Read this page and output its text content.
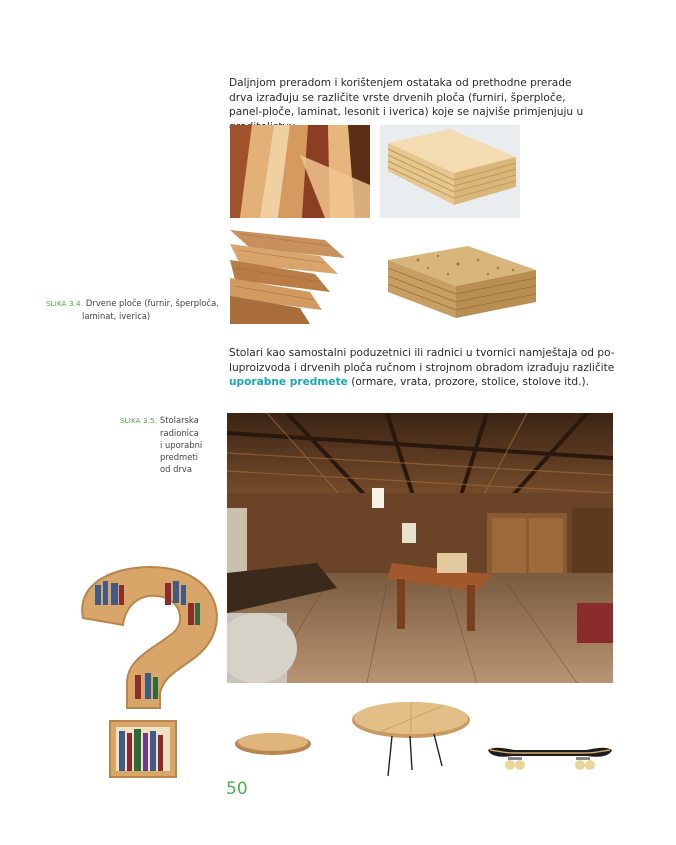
Daljnjom preradom i korištenjem ostataka od prethodne prerade drva izrađuju se različite vrste drvenih ploča (furniri, šperploče, panel-ploče, laminat, lesonit i iverica) koje se najviše primjenjuju u
SLIKA 3.4. Drvene ploče (furnir, šperploča,
laminat, iverica)
Stolari kao samostalni poduzetnici ili radnici u tvornici namještaja od po-
luproizvoda i drvenih ploča ručnom i strojnom obradom izrađuju različite
uporabne predmete (ormare, vrata, prozore, stolice, stolove itd.).
SLIKA 3.5. Stolarska
radionica
i uporabni
predmeti
od drva
50
